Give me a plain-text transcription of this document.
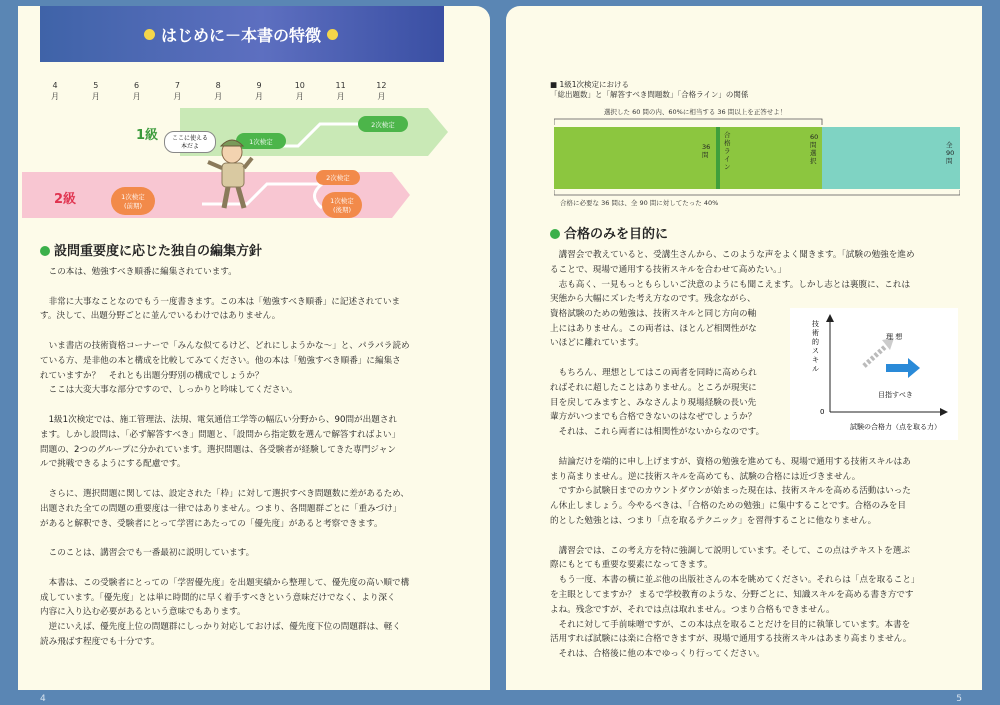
はじめに－本書の特徴
4
月
5
月
6
月
7
月
8
月
9
月
10
月
11
月
12
月
1級	1次検定
2次検定
2級	1次検定
(前期)
2次検定
1次検定
(後期)
ここに使える
本だよ
設問重要度に応じた独自の編集方針
　この本は、勉強すべき順番に編集されています。
　非常に大事なことなのでもう一度書きます。この本は「勉強すべき順番」に記述されていま
す。決して、出題分野ごとに並んでいるわけではありません。
　いま書店の技術資格コーナーで「みんな似てるけど、どれにしようかな～」と、パラパラ読め
ている方、是非他の本と構成を比較してみてください。他の本は「勉強すべき順番」に編集さ
れていますか？　それとも出題分野別の構成でしょうか？
　ここは大変大事な部分ですので、しっかりと吟味してください。
　1級1次検定では、施工管理法、法規、電気通信工学等の幅広い分野から、90問が出題され
ます。しかし設問は、「必ず解答すべき」問題と、「設問から指定数を選んで解答すればよい」
問題の、2つのグループに分かれています。選択問題は、各受験者が経験してきた専門ジャン
ルで挑戦できるようにする配慮です。
　さらに、選択問題に関しては、設定された「枠」に対して選択すべき問題数に差があるため、
出題された全ての問題の重要度は一律ではありません。つまり、各問題群ごとに「重みづけ」
があると解釈でき、受験者にとって学習にあたっての「優先度」があると考察できます。
　このことは、講習会でも一番最初に説明しています。
　本書は、この受験者にとっての「学習優先度」を出題実績から整理して、優先度の高い順で構
成しています。「優先度」とは単に時間的に早く着手すべきという意味だけでなく、より深く
内容に入り込む必要があるという意味でもあります。
　逆にいえば、優先度上位の問題群にしっかり対応しておけば、優先度下位の問題群は、軽く
読み飛ばす程度でも十分です。
4
■ 1級1次検定における
「総出題数」と「解答すべき問題数」「合格ライン」の関係
選択した 60 問の内、60%に相当する 36 問以上を正答せよ！
36
問
合
格
ラ
イ
ン
60
問
選
択
全
90
問
合格に必要な 36 問は、全 90 問に対してたった 40%
合格のみを目的に
　講習会で教えていると、受講生さんから、このような声をよく聞きます。「試験の勉強を進め
ることで、現場で通用する技術スキルを合わせて高めたい。」
　志も高く、一見もっともらしいご決意のようにも聞こえます。しかし志とは裏腹に、これは
実態から大幅にズレた考え方なのです。残念ながら、
資格試験のための勉強は、技術スキルと同じ方向の軸
上にはありません。この両者は、ほとんど相関性がな
いほどに離れています。
　もちろん、理想としてはこの両者を同時に高められ
ればそれに超したことはありません。ところが現実に
目を戻してみますと、みなさんより現場経験の長い先
輩方がいつまでも合格できないのはなぜでしょうか？
　それは、これら両者には相関性がないからなのです。
　結論だけを端的に申し上げますが、資格の勉強を進めても、現場で通用する技術スキルはあ
まり高まりません。逆に技術スキルを高めても、試験の合格には近づきません。
　ですから試験日までのカウントダウンが始まった現在は、技術スキルを高める活動はいった
ん休止しましょう。今やるべきは、「合格のための勉強」に集中することです。合格のみを目
的とした勉強とは、つまり「点を取るテクニック」を習得することに他なりません。
　講習会では、この考え方を特に強調して説明しています。そして、この点はテキストを選ぶ
際にもとても重要な要素になってきます。
　もう一度、本書の横に並ぶ他の出版社さんの本を眺めてください。それらは「点を取ること」
を主眼としてますか？ まるで学校教育のような、分野ごとに、知識スキルを高める書き方です
よね。残念ですが、それでは点は取れません。つまり合格もできません。
　それに対して手前味噌ですが、この本は点を取ることだけを目的に執筆しています。本書を
活用すれば試験には楽に合格できますが、現場で通用する技術スキルはあまり高まりません。
　それは、合格後に他の本でゆっくり行ってください。
技
術
的
ス
キ
ル
試験の合格力（点を取る力）
0
理 想
目指すべき
5
